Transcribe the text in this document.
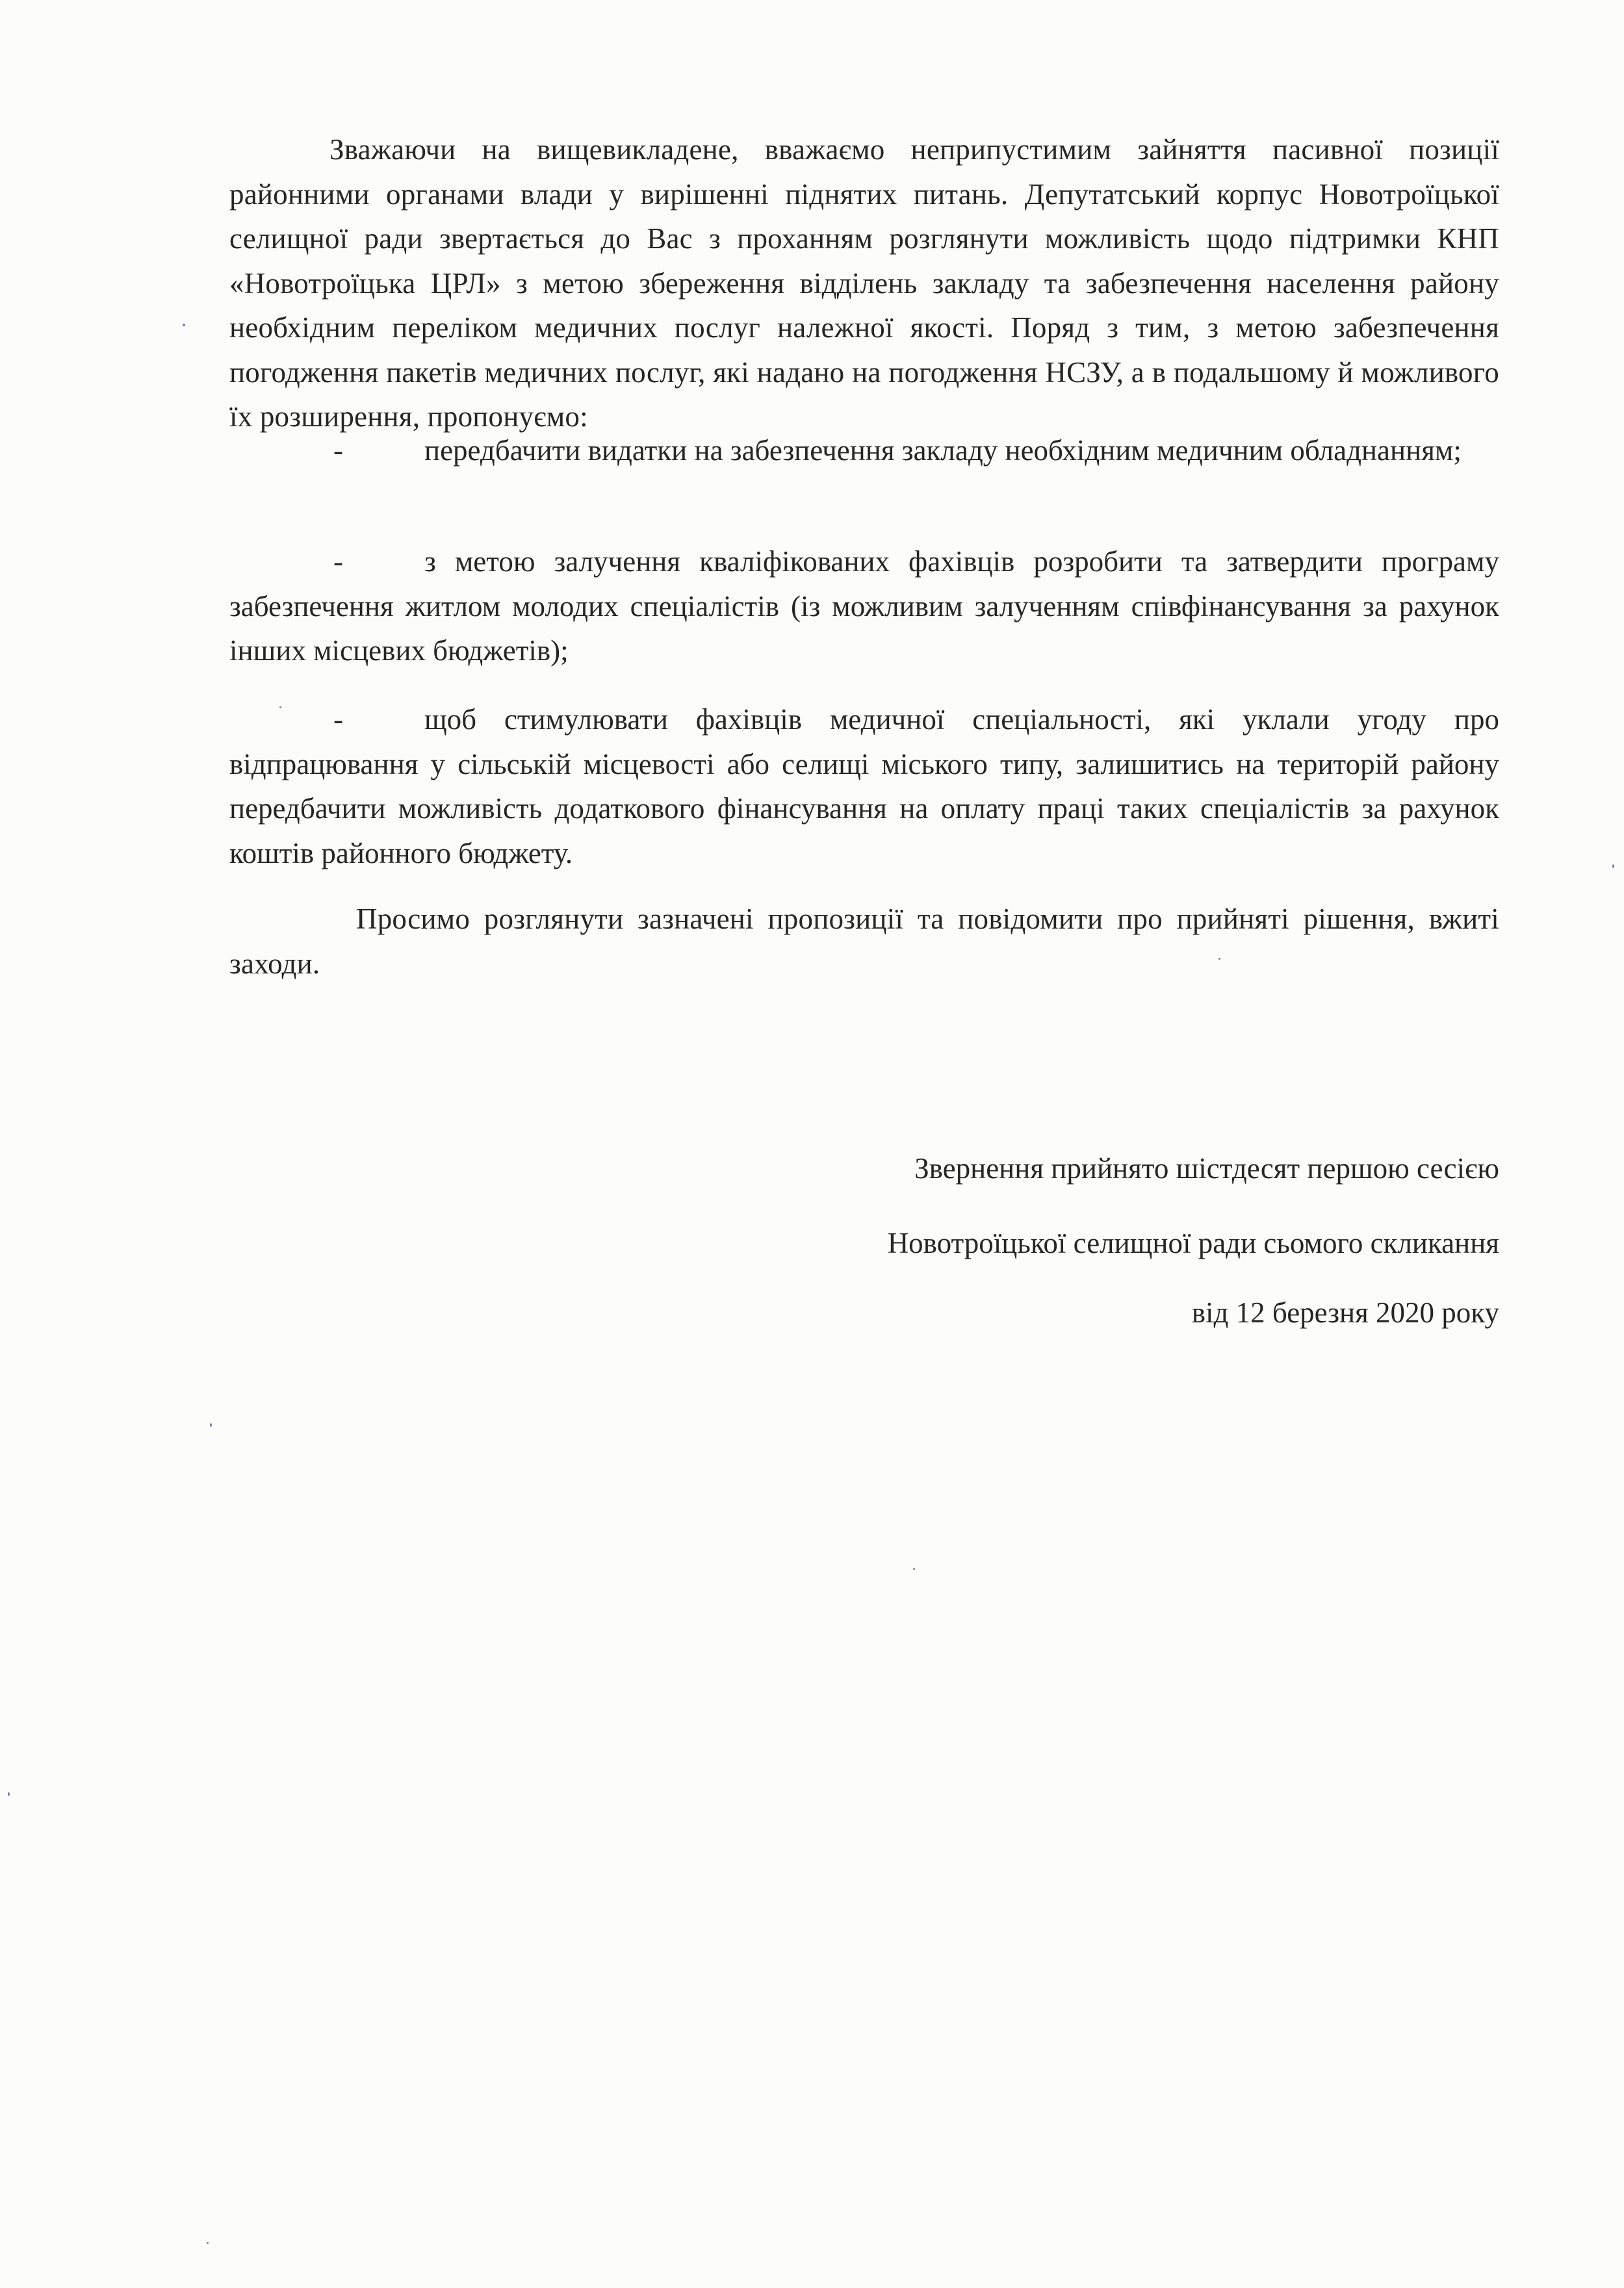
Зважаючи на вищевикладене, вважаємо неприпустимим зайняття пасивної позиції районними органами влади у вирішенні піднятих питань. Депутатський корпус Новотроїцької селищної ради звертається до Вас з проханням розглянути можливість щодо підтримки КНП «Новотроїцька ЦРЛ» з метою збереження відділень закладу та забезпечення населення району необхідним переліком медичних послуг належної якості. Поряд з тим, з метою забезпечення погодження пакетів медичних послуг, які надано на погодження НСЗУ, а в подальшому й можливого їх розширення, пропонуємо:

-	передбачити видатки на забезпечення закладу необхідним медичним обладнанням;
-	з метою залучення кваліфікованих фахівців розробити та затвердити програму забезпечення житлом молодих спеціалістів (із можливим залученням співфінансування за рахунок інших місцевих бюджетів);
-	щоб стимулювати фахівців медичної спеціальності, які уклали угоду про відпрацювання у сільській місцевості або селищі міського типу, залишитись на територій району передбачити можливість додаткового фінансування на оплату праці таких спеціалістів за рахунок коштів районного бюджету.

Просимо розглянути зазначені пропозиції та повідомити про прийняті рішення, вжиті заходи.

Звернення прийнято шістдесят першою сесією
Новотроїцької селищної ради сьомого скликання
від 12 березня 2020 року
